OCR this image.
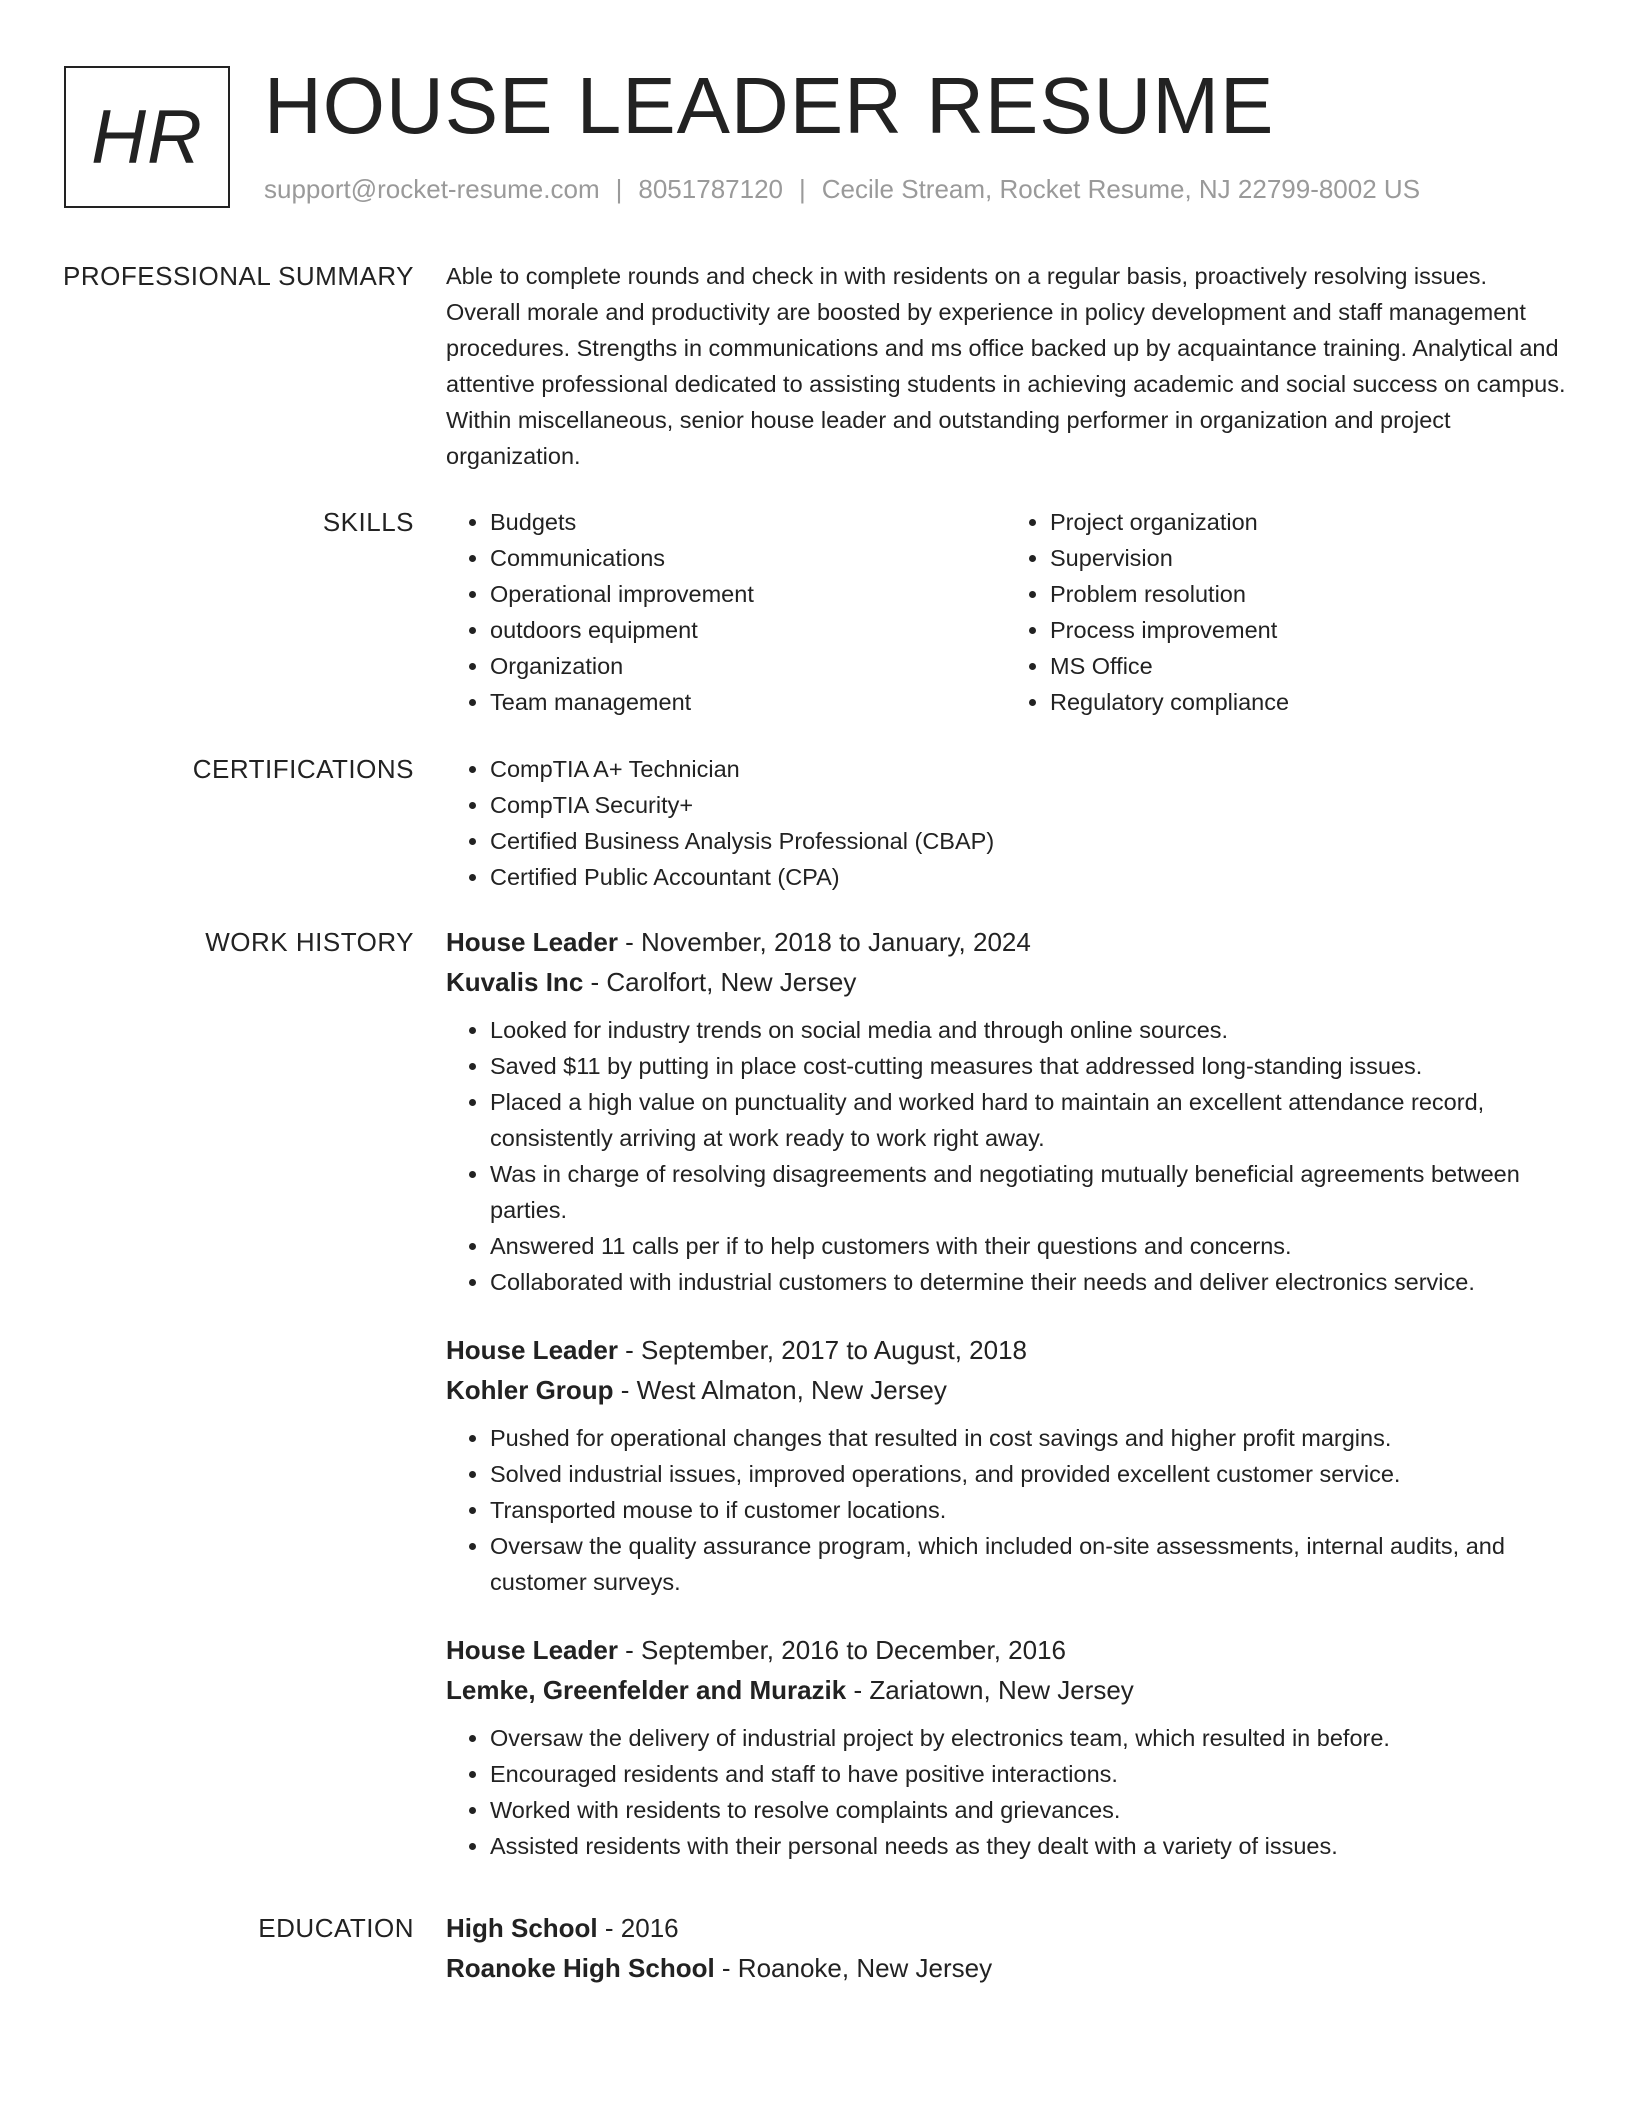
HR HOUSE LEADER RESUME
support@rocket-resume.com | 8051787120 | Cecile Stream, Rocket Resume, NJ 22799-8002 US
PROFESSIONAL SUMMARY Able to complete rounds and check in with residents on a regular basis, proactively resolving issues. Overall morale and productivity are boosted by experience in policy development and staff management procedures. Strengths in communications and ms office backed up by acquaintance training. Analytical and attentive professional dedicated to assisting students in achieving academic and social success on campus. Within miscellaneous, senior house leader and outstanding performer in organization and project organization.
SKILLS	• Budgets
• Communications
• Operational improvement
• outdoors equipment
• Organization
• Team management
• Project organization
• Supervision
• Problem resolution
• Process improvement
• MS Office
• Regulatory compliance
CERTIFICATIONS	• CompTIA A+ Technician
• CompTIA Security+
• Certified Business Analysis Professional (CBAP)
• Certified Public Accountant (CPA)
WORK HISTORY House Leader - November, 2018 to January, 2024
Kuvalis Inc - Carolfort, New Jersey
• Looked for industry trends on social media and through online sources.
• Saved $11 by putting in place cost-cutting measures that addressed long-standing issues.
• Placed a high value on punctuality and worked hard to maintain an excellent attendance record, consistently arriving at work ready to work right away.
• Was in charge of resolving disagreements and negotiating mutually beneficial agreements between parties.
• Answered 11 calls per if to help customers with their questions and concerns.
• Collaborated with industrial customers to determine their needs and deliver electronics service.
House Leader - September, 2017 to August, 2018
Kohler Group - West Almaton, New Jersey
• Pushed for operational changes that resulted in cost savings and higher profit margins.
• Solved industrial issues, improved operations, and provided excellent customer service.
• Transported mouse to if customer locations.
• Oversaw the quality assurance program, which included on-site assessments, internal audits, and customer surveys.
House Leader - September, 2016 to December, 2016
Lemke, Greenfelder and Murazik - Zariatown, New Jersey
• Oversaw the delivery of industrial project by electronics team, which resulted in before.
• Encouraged residents and staff to have positive interactions.
• Worked with residents to resolve complaints and grievances.
• Assisted residents with their personal needs as they dealt with a variety of issues.
EDUCATION High School - 2016
Roanoke High School - Roanoke, New Jersey
